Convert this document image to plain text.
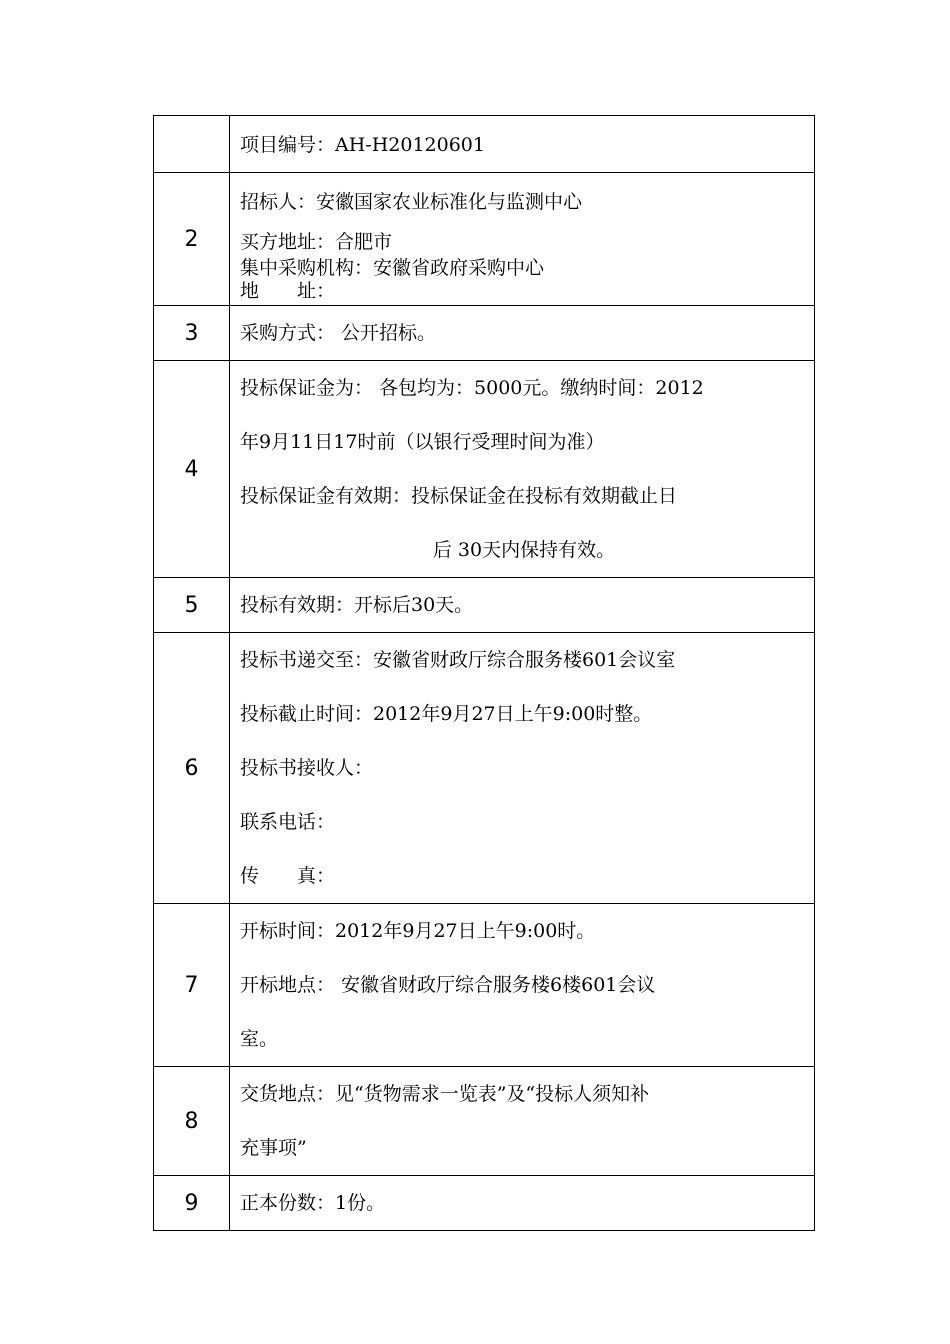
	项目编号：AH-H20120601

2	招标人：安徽国家农业标准化与监测中心
买方地址：合肥市
集中采购机构：安徽省政府采购中心
地　　址：

3	采购方式： 公开招标。

4	投标保证金为： 各包均为：5000元。缴纳时间：2012
年9月11日17时前（以银行受理时间为准）
投标保证金有效期：投标保证金在投标有效期截止日
后 30天内保持有效。

5	投标有效期：开标后30天。

6	投标书递交至：安徽省财政厅综合服务楼601会议室
投标截止时间：2012年9月27日上午9:00时整。
投标书接收人：
联系电话：
传　　真：

7	开标时间：2012年9月27日上午9:00时。
开标地点： 安徽省财政厅综合服务楼6楼601会议
室。

8	交货地点：见“货物需求一览表”及“投标人须知补
充事项”

9	正本份数：1份。
